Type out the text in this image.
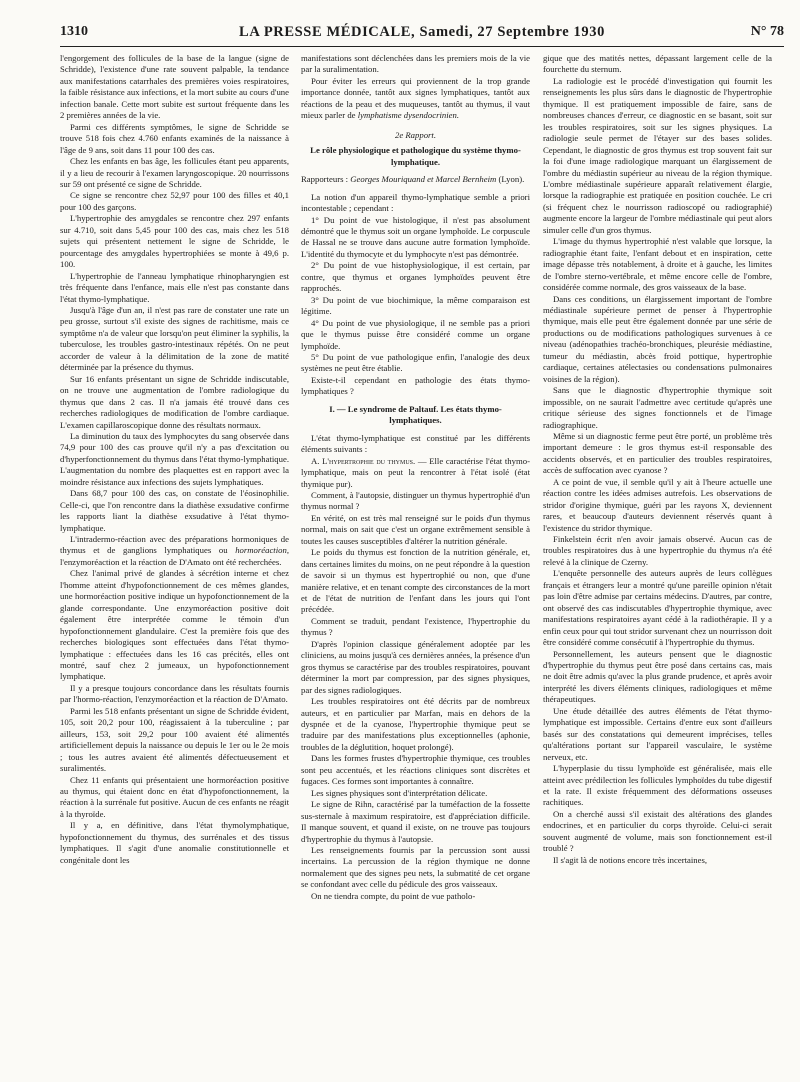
1310	LA PRESSE MÉDICALE, Samedi, 27 Septembre 1930	N° 78

l'engorgement des follicules de la base de la langue (signe de Schridde), l'existence d'une rate souvent palpable, la tendance aux manifestations catarrhales des premières voies respiratoires, la faible résistance aux infections, et la mort subite au cours d'une infection banale. Cette mort subite est surtout fréquente dans les 2 premières années de la vie.

Parmi ces différents symptômes, le signe de Schridde se trouve 518 fois chez 4.760 enfants examinés de la naissance à l'âge de 9 ans, soit dans 11 pour 100 des cas.

Chez les enfants en bas âge, les follicules étant peu apparents, il y a lieu de recourir à l'examen laryngoscopique. 20 nourrissons sur 59 ont présenté ce signe de Schridde.

Ce signe se rencontre chez 52,97 pour 100 des filles et 40,1 pour 100 des garçons.

L'hypertrophie des amygdales se rencontre chez 297 enfants sur 4.710, soit dans 5,45 pour 100 des cas, mais chez les 518 sujets qui présentent nettement le signe de Schridde, le pourcentage des amygdales hypertrophiées se monte à 49,6 p. 100.

L'hypertrophie de l'anneau lymphatique rhinopharyngien est très fréquente dans l'enfance, mais elle n'est pas constante dans l'état thymo-lymphatique.

Jusqu'à l'âge d'un an, il n'est pas rare de constater une rate un peu grosse, surtout s'il existe des signes de rachitisme, mais ce symptôme n'a de valeur que lorsqu'on peut éliminer la syphilis, la tuberculose, les troubles gastro-intestinaux répétés. On ne peut accorder de valeur à la délimitation de la zone de matité déterminée par la présence du thymus.

Sur 16 enfants présentant un signe de Schridde indiscutable, on ne trouve une augmentation de l'ombre radiologique du thymus que dans 2 cas. Il n'a jamais été trouvé dans ces recherches radiologiques de modification de l'ombre cardiaque. L'examen capillaroscopique donne des résultats normaux.

La diminution du taux des lymphocytes du sang observée dans 74,9 pour 100 des cas prouve qu'il n'y a pas d'excitation ou d'hyperfonctionnement du thymus dans l'état thymo-lymphatique. L'augmentation du nombre des plaquettes est en rapport avec la moindre résistance aux infections des sujets lymphatiques.

Dans 68,7 pour 100 des cas, on constate de l'éosinophilie. Celle-ci, que l'on rencontre dans la diathèse exsudative confirme les rapports liant la diathèse exsudative à l'état thymo-lymphatique.

L'intradermo-réaction avec des préparations hormoniques de thymus et de ganglions lymphatiques ou hormoréaction, l'enzymoréaction et la réaction de D'Amato ont été recherchées.

Chez l'animal privé de glandes à sécrétion interne et chez l'homme atteint d'hypofonctionnement de ces mêmes glandes, une hormoréaction positive indique un hypofonctionnement de la glande correspondante. Une enzymoréaction positive doit également être interprétée comme le témoin d'un hypofonctionnement glandulaire. C'est la première fois que des recherches biologiques sont effectuées dans l'état thymo-lymphatique : effectuées dans les 16 cas précités, elles ont montré, sauf chez 2 jumeaux, un hypofonctionnement lymphatique.

Il y a presque toujours concordance dans les résultats fournis par l'hormo-réaction, l'enzymoréaction et la réaction de D'Amato.

Parmi les 518 enfants présentant un signe de Schridde évident, 105, soit 20,2 pour 100, réagissaient à la tuberculine ; par ailleurs, 153, soit 29,2 pour 100 avaient été alimentés artificiellement depuis la naissance ou depuis le 1er ou le 2e mois ; tous les autres avaient été alimentés défectueusement et suralimentés.

Chez 11 enfants qui présentaient une hormoréaction positive au thymus, qui étaient donc en état d'hypofonctionnement, la réaction à la surrénale fut positive. Aucun de ces enfants ne réagit à la thyroïde.

Il y a, en définitive, dans l'état thymolymphatique, hypofonctionnement du thymus, des surrénales et des tissus lymphatiques. Il s'agit d'une anomalie constitutionnelle et congénitale dont les

manifestations sont déclenchées dans les premiers mois de la vie par la suralimentation.

Pour éviter les erreurs qui proviennent de la trop grande importance donnée, tantôt aux signes lymphatiques, tantôt aux réactions de la peau et des muqueuses, tantôt au thymus, il vaut mieux parler de lymphatisme dysendocrinien.

2e Rapport.
Le rôle physiologique et pathologique du système thymo-lymphatique.

Rapporteurs : Georges Mouriquand et Marcel Bernheim (Lyon).

La notion d'un appareil thymo-lymphatique semble a priori incontestable ; cependant :

1° Du point de vue histologique, il n'est pas absolument démontré que le thymus soit un organe lymphoïde. Le corpuscule de Hassal ne se trouve dans aucune autre formation lymphoïde. L'identité du thymocyte et du lymphocyte n'est pas démontrée.

2° Du point de vue histophysiologique, il est certain, par contre, que thymus et organes lymphoïdes peuvent être rapprochés.

3° Du point de vue biochimique, la même comparaison est légitime.

4° Du point de vue physiologique, il ne semble pas a priori que le thymus puisse être considéré comme un organe lymphoïde.

5° Du point de vue pathologique enfin, l'analogie des deux systèmes ne peut être établie.

Existe-t-il cependant en pathologie des états thymo-lymphatiques ?

I. — Le syndrome de Paltauf. Les états thymo-lymphatiques.

L'état thymo-lymphatique est constitué par les différents éléments suivants :

A. L'hypertrophie du thymus. — Elle caractérise l'état thymo-lymphatique, mais on peut la rencontrer à l'état isolé (état thymique pur).

Comment, à l'autopsie, distinguer un thymus hypertrophié d'un thymus normal ?

En vérité, on est très mal renseigné sur le poids d'un thymus normal, mais on sait que c'est un organe extrêmement sensible à toutes les causes susceptibles d'altérer la nutrition générale.

Le poids du thymus est fonction de la nutrition générale, et, dans certaines limites du moins, on ne peut répondre à la question de savoir si un thymus est hypertrophié ou non, que d'une manière relative, et en tenant compte des circonstances de la mort et de l'état de nutrition de l'enfant dans les jours qui l'ont précédée.

Comment se traduit, pendant l'existence, l'hypertrophie du thymus ?

D'après l'opinion classique généralement adoptée par les cliniciens, au moins jusqu'à ces dernières années, la présence d'un gros thymus se caractérise par des troubles respiratoires, pouvant déterminer la mort par compression, par des signes physiques, par des signes radiologiques.

Les troubles respiratoires ont été décrits par de nombreux auteurs, et en particulier par Marfan, mais en dehors de la dyspnée et de la cyanose, l'hypertrophie thymique peut se traduire par des manifestations plus exceptionnelles (aphonie, troubles de la déglutition, hoquet prolongé).

Dans les formes frustes d'hypertrophie thymique, ces troubles sont peu accentués, et les réactions cliniques sont discrètes et fugaces. Ces formes sont importantes à connaître.

Les signes physiques sont d'interprétation délicate.

Le signe de Rihn, caractérisé par la tuméfaction de la fossette sus-sternale à maximum respiratoire, est d'appréciation difficile. Il manque souvent, et quand il existe, on ne trouve pas toujours d'hypertrophie du thymus à l'autopsie.

Les renseignements fournis par la percussion sont aussi incertains. La percussion de la région thymique ne donne normalement que des signes peu nets, la submatité de cet organe se confondant avec celle du pédicule des gros vaisseaux.

On ne tiendra compte, du point de vue patholo-

gique que des matités nettes, dépassant largement celle de la fourchette du sternum.

La radiologie est le procédé d'investigation qui fournit les renseignements les plus sûrs dans le diagnostic de l'hypertrophie thymique. Il est pratiquement impossible de faire, sans de nombreuses chances d'erreur, ce diagnostic en se basant, soit sur les troubles respiratoires, soit sur les signes physiques. La radiologie seule permet de l'étayer sur des bases solides. Cependant, le diagnostic de gros thymus est trop souvent fait sur la foi d'une image radiologique marquant un élargissement de l'ombre du médiastin supérieur au niveau de la région thymique. L'ombre médiastinale supérieure apparaît relativement élargie, lorsque la radiographie est pratiquée en position couchée. Le cri (si fréquent chez le nourrisson radioscopé ou radiographié) augmente encore la largeur de l'ombre médiastinale qui peut alors simuler celle d'un gros thymus.

L'image du thymus hypertrophié n'est valable que lorsque, la radiographie étant faite, l'enfant debout et en inspiration, cette image dépasse très notablement, à droite et à gauche, les limites de l'ombre sterno-vertébrale, et même encore celle de l'ombre, considérée comme normale, des gros vaisseaux de la base.

Dans ces conditions, un élargissement important de l'ombre médiastinale supérieure permet de penser à l'hypertrophie thymique, mais elle peut être également donnée par une série de productions ou de modifications pathologiques survenues à ce niveau (adénopathies trachéo-bronchiques, pleurésie médiastine, tumeur du médiastin, abcès froid pottique, hypertrophie cardiaque, certaines atélectasies ou condensations pulmonaires voisines de la région).

Sans que le diagnostic d'hypertrophie thymique soit impossible, on ne saurait l'admettre avec certitude qu'après une critique sérieuse des signes fonctionnels et de l'image radiographique.

Même si un diagnostic ferme peut être porté, un problème très important demeure : le gros thymus est-il responsable des accidents observés, et en particulier des troubles respiratoires, accès de suffocation avec cyanose ?

A ce point de vue, il semble qu'il y ait à l'heure actuelle une réaction contre les idées admises autrefois. Les observations de stridor d'origine thymique, guéri par les rayons X, deviennent rares, et beaucoup d'auteurs deviennent réservés quant à l'existence du stridor thymique.

Finkelstein écrit n'en avoir jamais observé. Aucun cas de troubles respiratoires dus à une hypertrophie du thymus n'a été relevé à la clinique de Czerny.

L'enquête personnelle des auteurs auprès de leurs collègues français et étrangers leur a montré qu'une pareille opinion n'était pas loin d'être admise par certains médecins. D'autres, par contre, ont observé des cas indiscutables d'hypertrophie thymique, avec manifestations respiratoires ayant cédé à la radiothérapie. Il y a enfin ceux pour qui tout stridor survenant chez un nourrisson doit être considéré comme consécutif à l'hypertrophie du thymus.

Personnellement, les auteurs pensent que le diagnostic d'hypertrophie du thymus peut être posé dans certains cas, mais ne doit être admis qu'avec la plus grande prudence, et après avoir interprété les divers éléments cliniques, radiologiques et même thérapeutiques.

Une étude détaillée des autres éléments de l'état thymo-lymphatique est impossible. Certains d'entre eux sont d'ailleurs basés sur des constatations qui demeurent imprécises, telles qu'altérations portant sur l'appareil vasculaire, le système nerveux, etc.

L'hyperplasie du tissu lymphoïde est généralisée, mais elle atteint avec prédilection les follicules lymphoïdes du tube digestif et la rate. Il existe fréquemment des déformations osseuses rachitiques.

On a cherché aussi s'il existait des altérations des glandes endocrines, et en particulier du corps thyroïde. Celui-ci serait souvent augmenté de volume, mais son fonctionnement est-il troublé ?

Il s'agit là de notions encore très incertaines,
